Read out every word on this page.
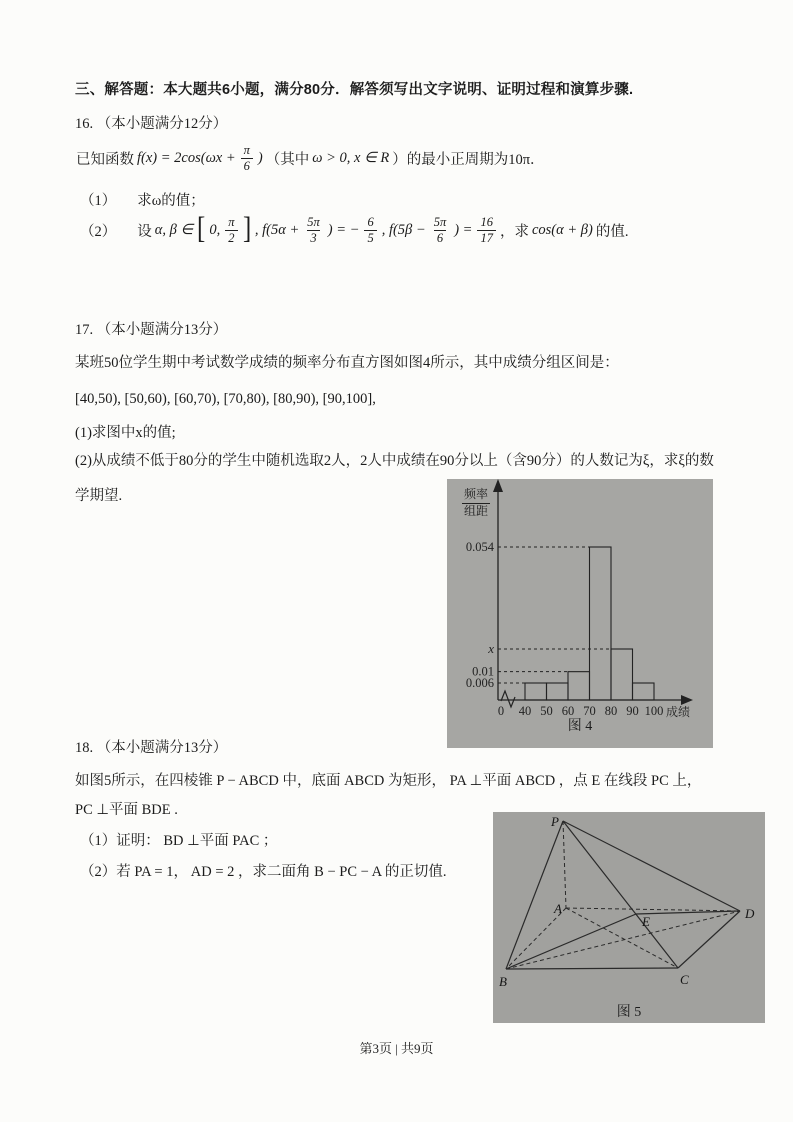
三、解答题：本大题共6小题，满分80分．解答须写出文字说明、证明过程和演算步骤.
16. （本小题满分12分）
已知函数 $f(x) = 2\cos(\omega x + \frac{\pi}{6}$ ) （其中 ω > 0, x ∈ R ）的最小正周期为10π．
（1） 求ω的值；
（2） 设 α, β ∈ [ 0, $\frac{\pi}{2}$ ] , $f(5\alpha + \frac{5\pi}{3}$ ) = − $\frac{6}{5}$ , $f(5\beta - \frac{5\pi}{6}$ ) = $\frac{16}{17}$ ，求 cos(α + β) 的值.
17. （本小题满分13分）
某班50位学生期中考试数学成绩的频率分布直方图如图4所示，其中成绩分组区间是：
[40,50), [50,60), [60,70), [70,80), [80,90), [90,100],
(1)求图中x的值;
(2)从成绩不低于80分的学生中随机选取2人，2人中成绩在90分以上（含90分）的人数记为ξ，求ξ的数
学期望.
0.054
x
0.01
0.006
0 40 50 60 70 80 90 100 成绩
频率
组距
图 4
18. （本小题满分13分）
如图5所示，在四棱锥 P − ABCD 中，底面 ABCD 为矩形， PA ⊥平面 ABCD ，点 E 在线段 PC 上，
PC ⊥平面 BDE .
（1）证明： BD ⊥平面 PAC ；
（2）若 PA = 1， AD = 2 ，求二面角 B − PC − A 的正切值.
P
A
B	C
D
E
图 5
第3页 | 共9页
